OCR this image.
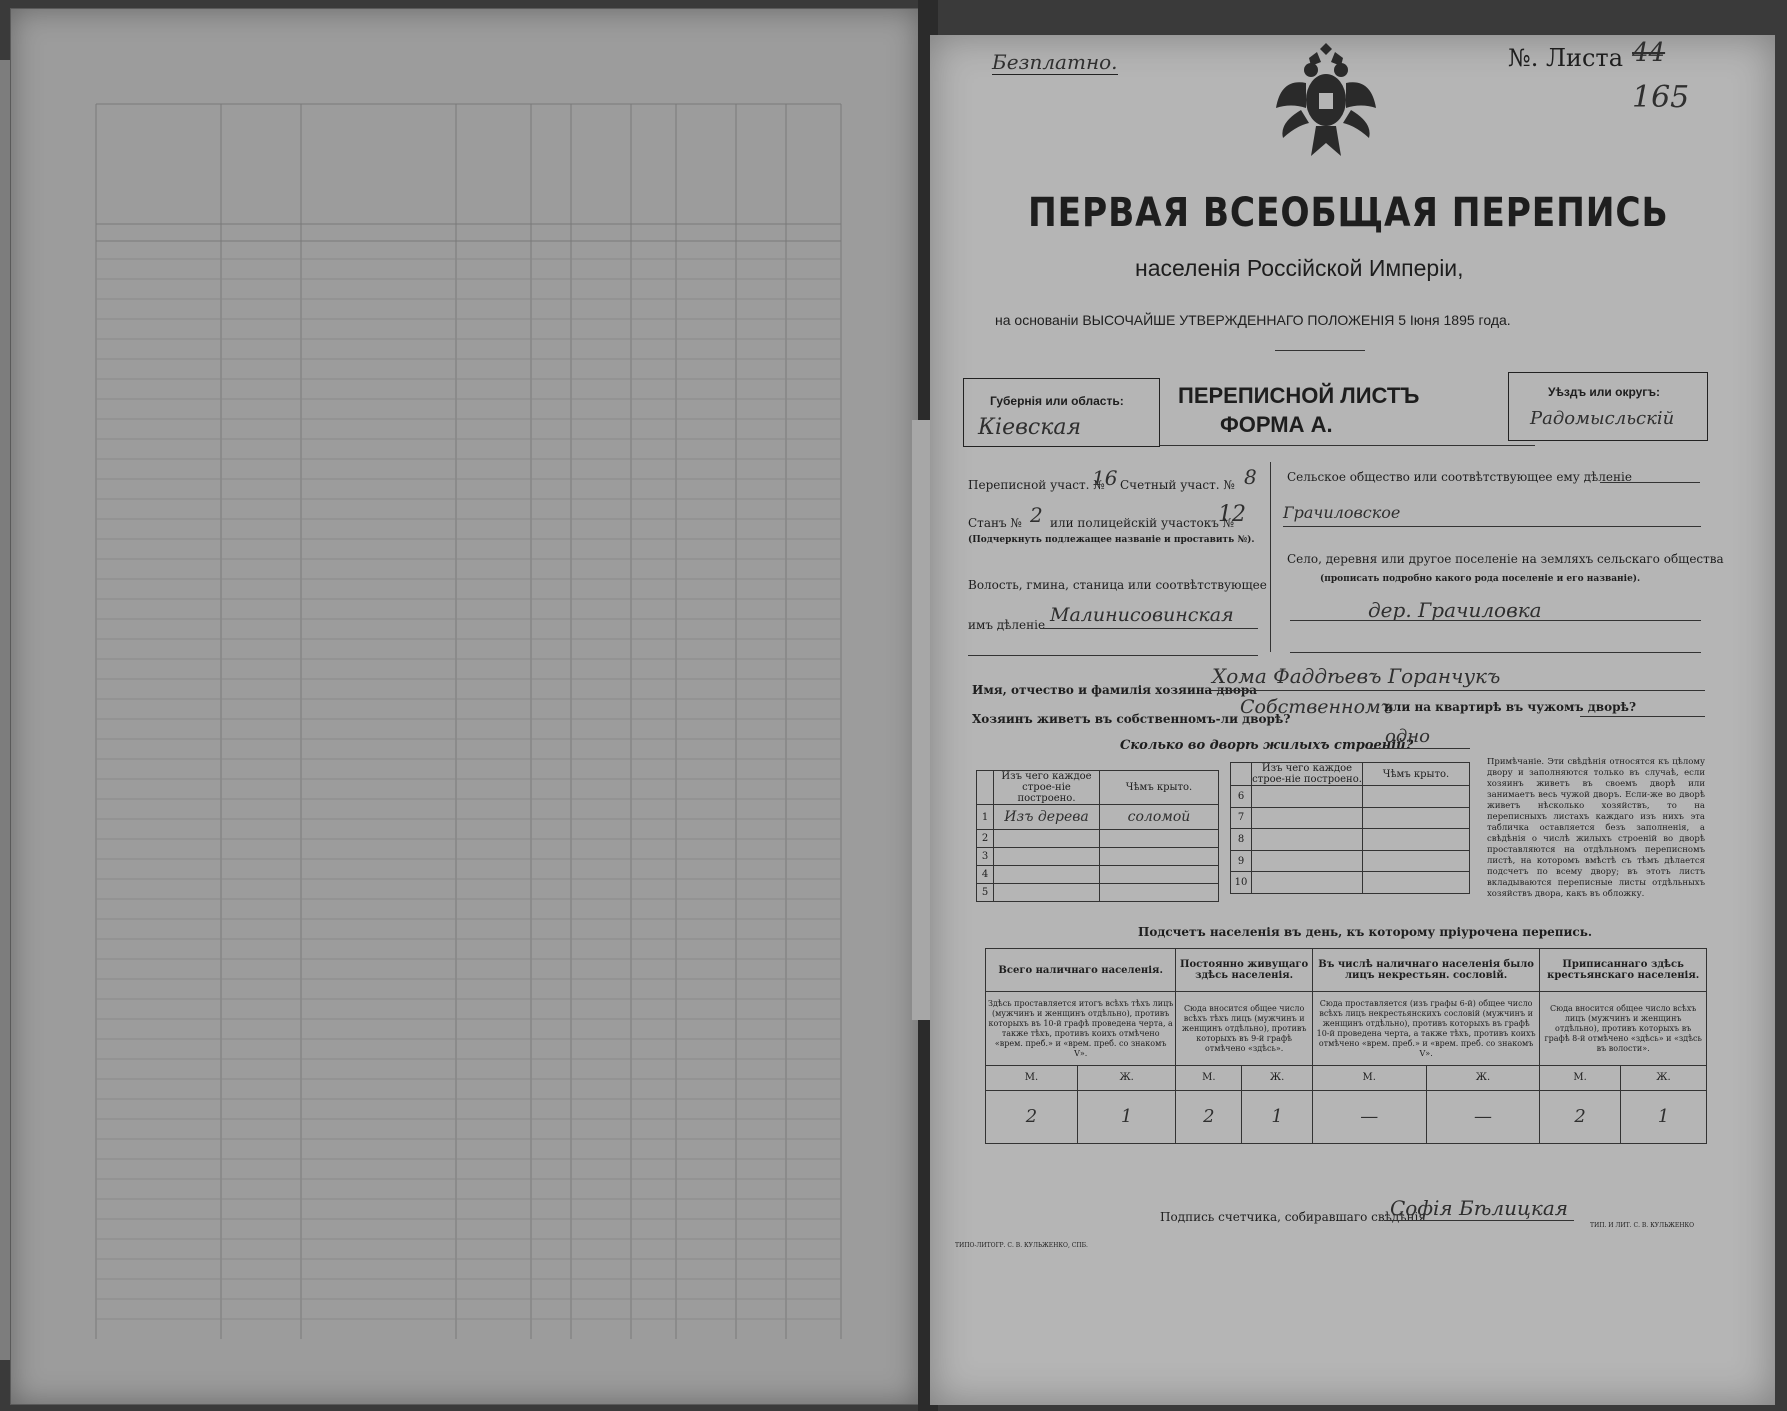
Безплатно.	№. Листа 44
165
ПЕРВАЯ ВСЕОБЩАЯ ПЕРЕПИСЬ
населенія Россійской Имперіи,
на основаніи ВЫСОЧАЙШЕ УТВЕРЖДЕННАГО ПОЛОЖЕНІЯ 5 Іюня 1895 года.
Губернія или область:
Кіевская
ПЕРЕПИСНОЙ ЛИСТЪ
ФОРМА А.
Уѣздъ или округъ:
Радомысльскій
Переписной участ. №
16 Счетный участ. № 8
Станъ № 2 или полицейскій участокъ №
12
(Подчеркнуть подлежащее названіе и проставить №).
Волость, гмина, станица или соотвѣтствующее
имъ дѣленіе Малинисовинская
Сельское общество или соотвѣтствующее ему дѣленіе
Грачиловское
Село, деревня или другое поселеніе на земляхъ сельскаго общества
(прописать подробно какого рода поселеніе и его названіе).
дер. Грачиловка
Имя, отчество и фамилія хозяина двора
Хома Фаддѣевъ Горанчукъ
Хозяинъ живетъ въ собственномъ-ли дворѣ?
Собственномъ
или на квартирѣ въ чужомъ дворѣ?
Сколько во дворѣ жилыхъ строеній?
одно
	Изъ чего каждое строе-ніе построено.	Чѣмъ крыто.
1	Изъ дерева	соломой
2		
3		
4		
5		
	Изъ чего каждое строе-ніе построено.	Чѣмъ крыто.
6		
7		
8		
9		
10		
Примѣчаніе. Эти свѣдѣнія относятся къ цѣлому двору и заполняются только въ случаѣ, если хозяинъ живетъ въ своемъ дворѣ или занимаетъ весь чужой дворъ. Если-же во дворѣ живетъ нѣсколько хозяйствъ, то на переписныхъ листахъ каждаго изъ нихъ эта табличка оставляется безъ заполненія, а свѣдѣнія о числѣ жилыхъ строеній во дворѣ проставляются на отдѣльномъ переписномъ листѣ, на которомъ вмѣстѣ съ тѣмъ дѣлается подсчетъ по всему двору; въ этотъ листъ вкладываются переписные листы отдѣльныхъ хозяйствъ двора, какъ въ обложку.
Подсчетъ населенія въ день, къ которому пріурочена перепись.
Всего наличнаго населенія.		Постоянно живущаго здѣсь населенія.		Въ числѣ наличнаго населенія было лицъ некрестьян. сословій.		Приписаннаго здѣсь крестьянскаго населенія.	
Здѣсь проставляется итогъ всѣхъ тѣхъ лицъ (мужчинъ и женщинъ отдѣльно), противъ которыхъ въ 10-й графѣ проведена черта, а также тѣхъ, противъ коихъ отмѣчено «врем. преб.» и «врем. преб. со знакомъ V».		Сюда вносится общее число всѣхъ тѣхъ лицъ (мужчинъ и женщинъ отдѣльно), противъ которыхъ въ 9-й графѣ отмѣчено «здѣсь».		Сюда проставляется (изъ графы 6-й) общее число всѣхъ лицъ некрестьянскихъ сословій (мужчинъ и женщинъ отдѣльно), противъ которыхъ въ графѣ 10-й проведена черта, а также тѣхъ, противъ коихъ отмѣчено «врем. преб.» и «врем. преб. со знакомъ V».		Сюда вносится общее число всѣхъ лицъ (мужчинъ и женщинъ отдѣльно), противъ которыхъ въ графѣ 8-й отмѣчено «здѣсь» и «здѣсь въ волости».	
М.	Ж.	М.	Ж.	М.	Ж.	М.	Ж.
2	1	2	1	—	—	2	1
Подпись счетчика, собиравшаго свѣдѣнія
Софія Бѣлицкая
ТИПО-ЛИТОГР. С. В. КУЛЬЖЕНКО, СПБ.
ТИП. И ЛИТ. С. В. КУЛЬЖЕНКО
